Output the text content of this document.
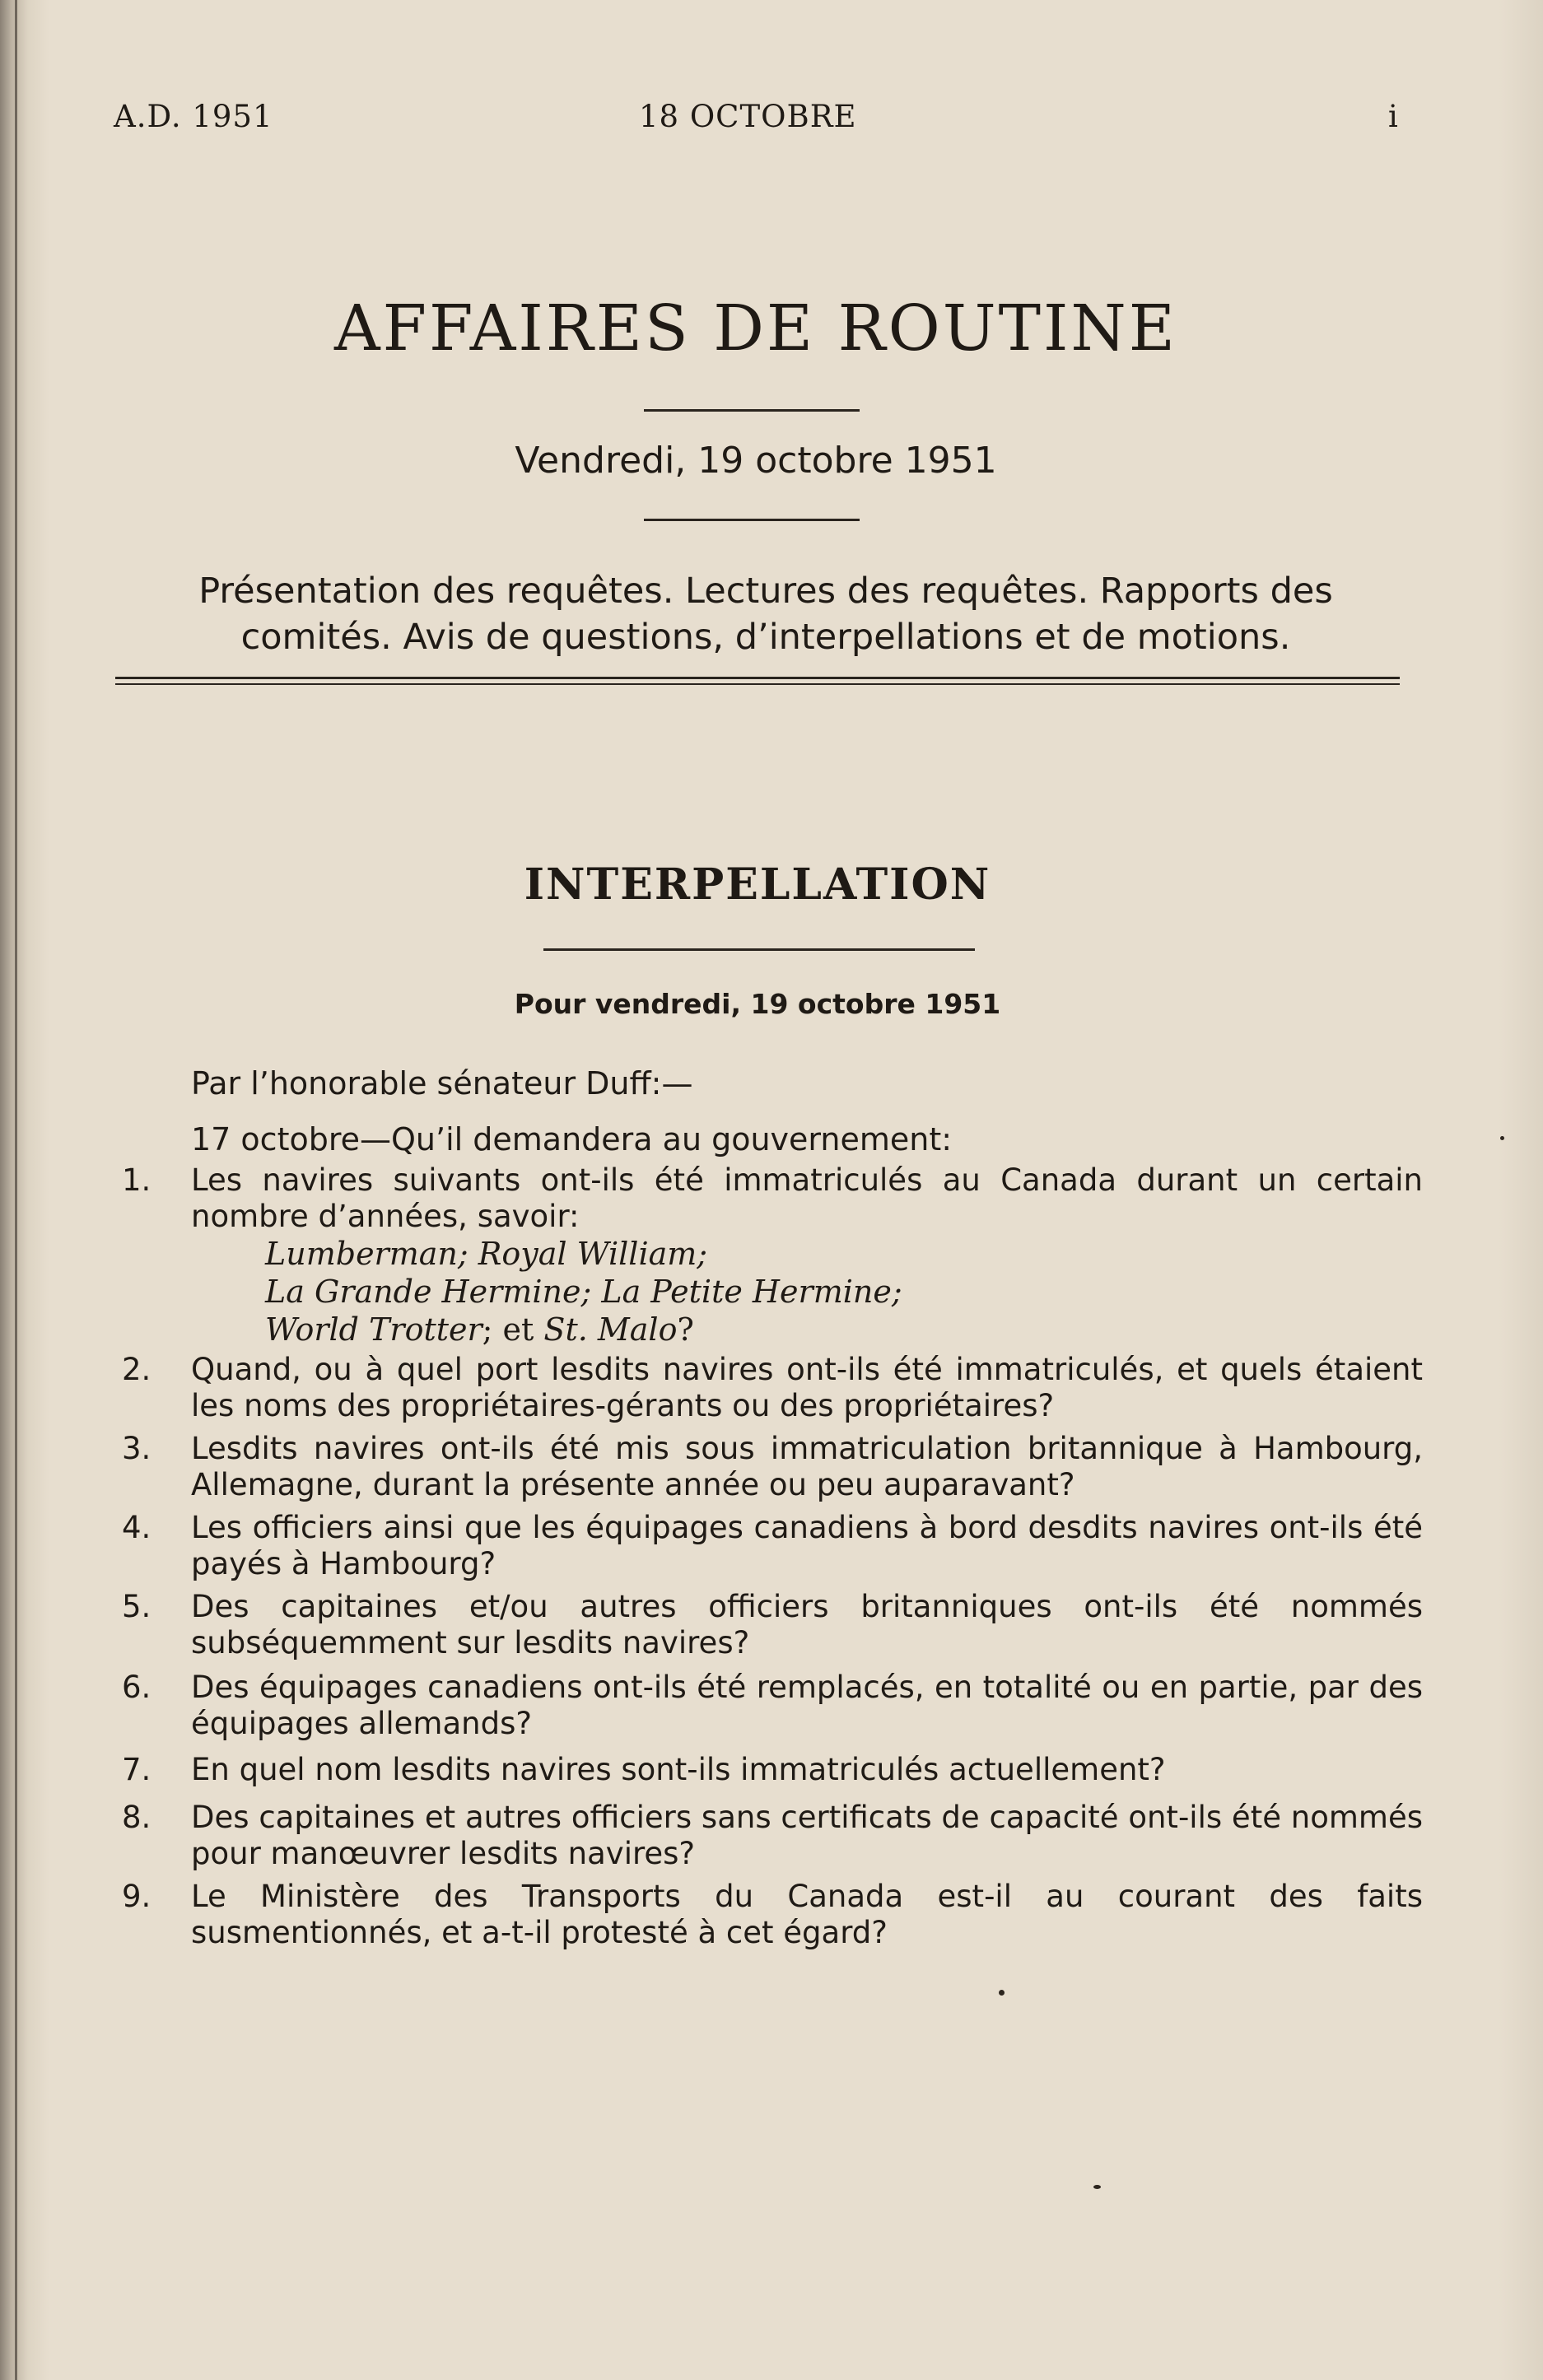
A.D. 1951	18 OCTOBRE	i
AFFAIRES DE ROUTINE
Vendredi, 19 octobre 1951
Présentation des requêtes. Lectures des requêtes. Rapports des
comités. Avis de questions, d’interpellations et de motions.
INTERPELLATION
Pour vendredi, 19 octobre 1951
Par l’honorable sénateur Duff:—
17 octobre—Qu’il demandera au gouvernement:
1.	Les navires suivants ont-ils été immatriculés au Canada durant un certain nombre d’années, savoir:
Lumberman; Royal William;
La Grande Hermine; La Petite Hermine;
World Trotter; et St. Malo?
2.	Quand, ou à quel port lesdits navires ont-ils été immatriculés, et quels étaient les noms des propriétaires-gérants ou des propriétaires?
3.	Lesdits navires ont-ils été mis sous immatriculation britannique à Hambourg, Allemagne, durant la présente année ou peu auparavant?
4.	Les officiers ainsi que les équipages canadiens à bord desdits navires ont-ils été payés à Hambourg?
5.	Des capitaines et/ou autres officiers britanniques ont-ils été nommés subséquemment sur lesdits navires?
6.	Des équipages canadiens ont-ils été remplacés, en totalité ou en partie, par des équipages allemands?
7.	En quel nom lesdits navires sont-ils immatriculés actuellement?
8.	Des capitaines et autres officiers sans certificats de capacité ont-ils été nommés pour manœuvrer lesdits navires?
9.	Le Ministère des Transports du Canada est-il au courant des faits susmentionnés, et a-t-il protesté à cet égard?
